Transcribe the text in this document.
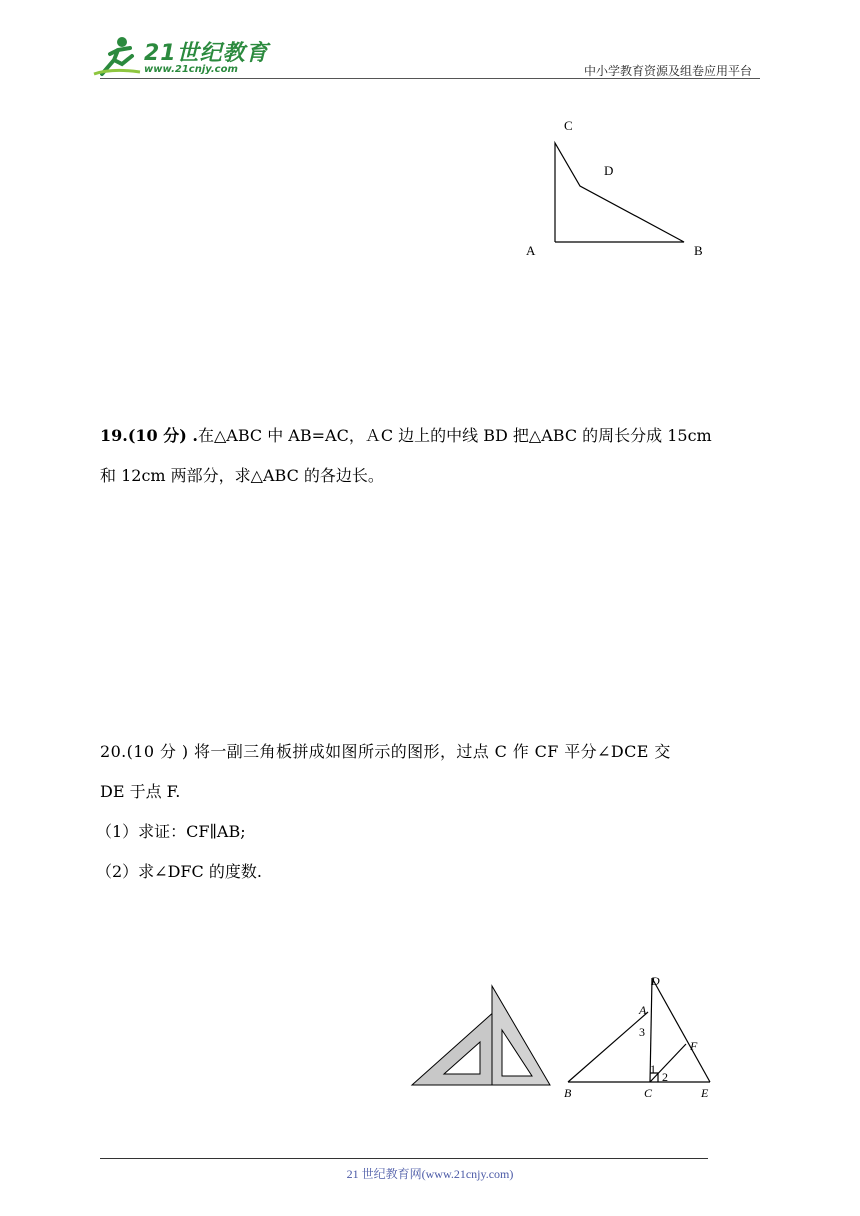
21世纪教育
www.21cnjy.com	中小学教育资源及组卷应用平台
C
D
A	B
19.(10 分) .在△ABC 中 AB=AC，ＡC 边上的中线 BD 把△ABC 的周长分成 15cm
和 12cm 两部分，求△ABC 的各边长。
20.(10 分 ) 将一副三角板拼成如图所示的图形，过点 C 作 CF 平分∠DCE 交
DE 于点 F.
（1）求证：CF∥AB;
（2）求∠DFC 的度数.
D
A
3
F
1
2
B	C	E
21 世纪教育网(www.21cnjy.com)
